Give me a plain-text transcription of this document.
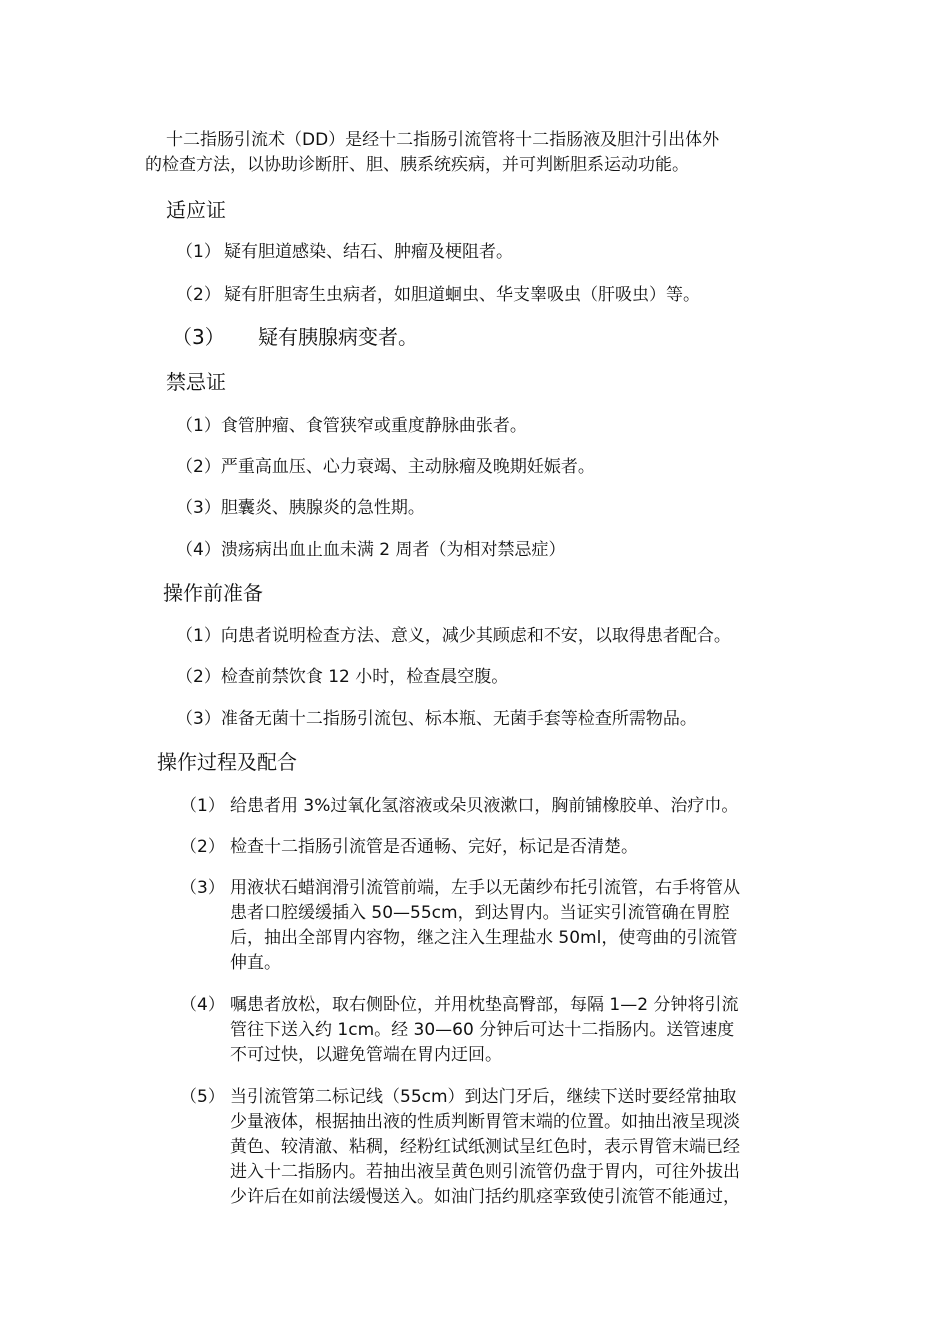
十二指肠引流术（DD）是经十二指肠引流管将十二指肠液及胆汁引出体外
的检查方法，以协助诊断肝、胆、胰系统疾病，并可判断胆系运动功能。
适应证
（1） 疑有胆道感染、结石、肿瘤及梗阻者。
（2） 疑有肝胆寄生虫病者，如胆道蛔虫、华支睾吸虫（肝吸虫）等。
（3） 疑有胰腺病变者。
禁忌证
（1）食管肿瘤、食管狭窄或重度静脉曲张者。
（2）严重高血压、心力衰竭、主动脉瘤及晚期妊娠者。
（3）胆囊炎、胰腺炎的急性期。
（4）溃疡病出血止血未满 2 周者（为相对禁忌症）
操作前准备
（1）向患者说明检查方法、意义，减少其顾虑和不安，以取得患者配合。
（2）检查前禁饮食 12 小时，检查晨空腹。
（3）准备无菌十二指肠引流包、标本瓶、无菌手套等检查所需物品。
操作过程及配合
（1） 给患者用 3%过氧化氢溶液或朵贝液漱口，胸前铺橡胶单、治疗巾。
（2） 检查十二指肠引流管是否通畅、完好，标记是否清楚。
（3） 用液状石蜡润滑引流管前端，左手以无菌纱布托引流管，右手将管从
患者口腔缓缓插入 50—55cm，到达胃内。当证实引流管确在胃腔
后，抽出全部胃内容物，继之注入生理盐水 50ml，使弯曲的引流管
伸直。
（4） 嘱患者放松，取右侧卧位，并用枕垫高臀部，每隔 1—2 分钟将引流
管往下送入约 1cm。经 30—60 分钟后可达十二指肠内。送管速度
不可过快，以避免管端在胃内迂回。
（5） 当引流管第二标记线（55cm）到达门牙后，继续下送时要经常抽取
少量液体，根据抽出液的性质判断胃管末端的位置。如抽出液呈现淡
黄色、较清澈、粘稠，经粉红试纸测试呈红色时，表示胃管末端已经
进入十二指肠内。若抽出液呈黄色则引流管仍盘于胃内，可往外拔出
少许后在如前法缓慢送入。如油门括约肌痉挛致使引流管不能通过，
